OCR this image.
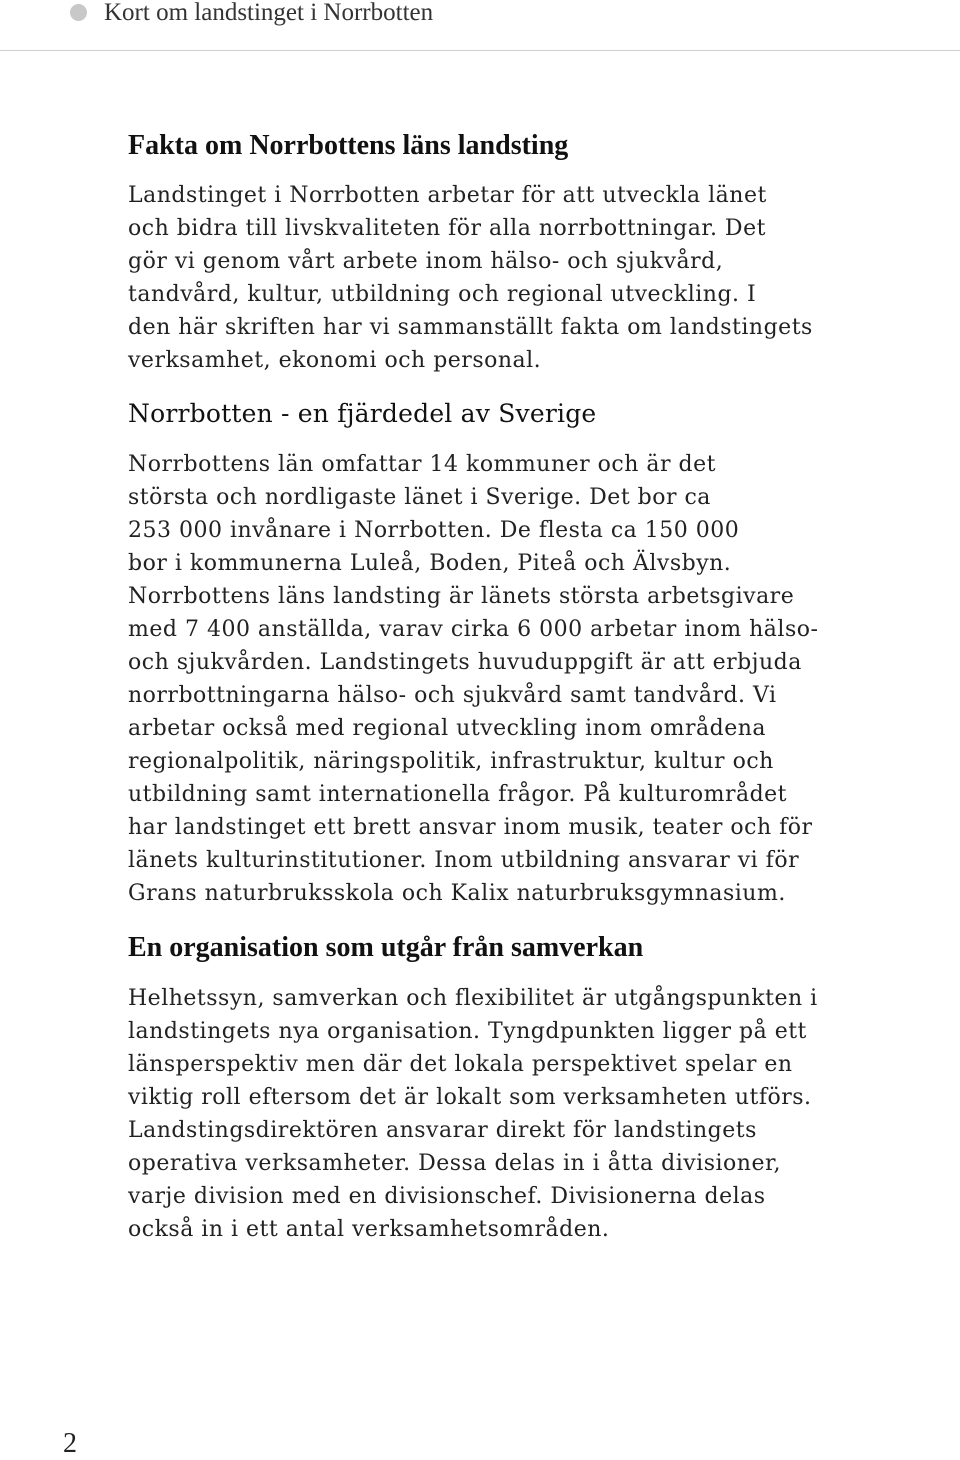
Kort om landstinget i Norrbotten
Fakta om Norrbottens läns landsting

Landstinget i Norrbotten arbetar för att utveckla länet
och bidra till livskvaliteten för alla norrbottningar. Det
gör vi genom vårt arbete inom hälso- och sjukvård,
tandvård, kultur, utbildning och regional utveckling. I
den här skriften har vi sammanställt fakta om landstingets
verksamhet, ekonomi och personal.

Norrbotten - en fjärdedel av Sverige

Norrbottens län omfattar 14 kommuner och är det
största och nordligaste länet i Sverige. Det bor ca
253 000 invånare i Norrbotten. De flesta ca 150 000
bor i kommunerna Luleå, Boden, Piteå och Älvsbyn.
Norrbottens läns landsting är länets största arbetsgivare
med 7 400 anställda, varav cirka 6 000 arbetar inom hälso-
och sjukvården. Landstingets huvuduppgift är att erbjuda
norrbottningarna hälso- och sjukvård samt tandvård. Vi
arbetar också med regional utveckling inom områdena
regionalpolitik, näringspolitik, infrastruktur, kultur och
utbildning samt internationella frågor. På kulturområdet
har landstinget ett brett ansvar inom musik, teater och för
länets kulturinstitutioner. Inom utbildning ansvarar vi för
Grans naturbruksskola och Kalix naturbruksgymnasium.

En organisation som utgår från samverkan

Helhetssyn, samverkan och flexibilitet är utgångspunkten i
landstingets nya organisation. Tyngdpunkten ligger på ett
länsperspektiv men där det lokala perspektivet spelar en
viktig roll eftersom det är lokalt som verksamheten utförs.
Landstingsdirektören ansvarar direkt för landstingets
operativa verksamheter. Dessa delas in i åtta divisioner,
varje division med en divisionschef. Divisionerna delas
också in i ett antal verksamhetsområden.

2
